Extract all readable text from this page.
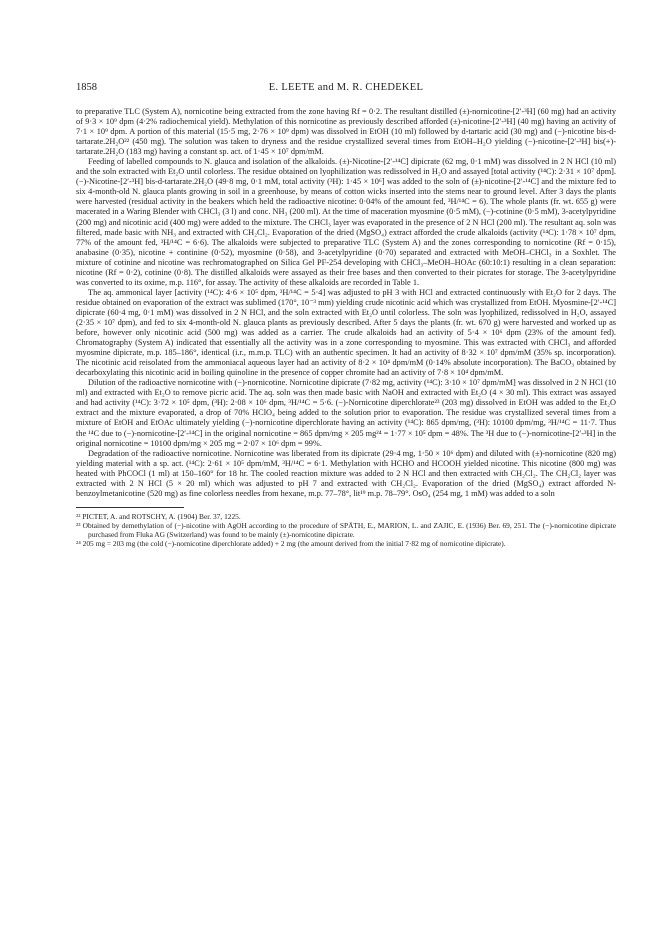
1858	E. LEETE and M. R. CHEDEKEL

to preparative TLC (System A), nornicotine being extracted from the zone having Rf = 0·2. The resultant distilled (±)-nornicotine-[2′-³H] (60 mg) had an activity of 9·3 × 10⁹ dpm (4·2% radiochemical yield). Methylation of this nornicotine as previously described afforded (±)-nicotine-[2′-³H] (40 mg) having an activity of 7·1 × 10⁹ dpm. A portion of this material (15·5 mg, 2·76 × 10⁹ dpm) was dissolved in EtOH (10 ml) followed by d-tartaric acid (30 mg) and (−)-nicotine bis-d-tartarate.2H₂O²² (450 mg). The solution was taken to dryness and the residue crystallized several times from EtOH–H₂O yielding (−)-nicotine-[2′-³H] bis(+)-tartarate.2H₂O (183 mg) having a constant sp. act. of 1·45 × 10⁷ dpm/mM.

Feeding of labelled compounds to N. glauca and isolation of the alkaloids. (±)-Nicotine-[2′-¹⁴C] dipicrate (62 mg, 0·1 mM) was dissolved in 2 N HCl (10 ml) and the soln extracted with Et₂O until colorless. The residue obtained on lyophilization was redissolved in H₂O and assayed [total activity (¹⁴C): 2·31 × 10⁷ dpm]. (−)-Nicotine-[2′-³H] bis-d-tartarate.2H₂O (49·8 mg, 0·1 mM, total activity (³H): 1·45 × 10⁶] was added to the soln of (±)-nicotine-[2′-¹⁴C] and the mixture fed to six 4-month-old N. glauca plants growing in soil in a greenhouse, by means of cotton wicks inserted into the stems near to ground level. After 3 days the plants were harvested (residual activity in the beakers which held the radioactive nicotine: 0·04% of the amount fed, ³H/¹⁴C = 6). The whole plants (fr. wt. 655 g) were macerated in a Waring Blender with CHCl₃ (3 l) and conc. NH₃ (200 ml). At the time of maceration myosmine (0·5 mM), (−)-cotinine (0·5 mM), 3-acetylpyridine (200 mg) and nicotinic acid (400 mg) were added to the mixture. The CHCl₃ layer was evaporated in the presence of 2 N HCl (200 ml). The resultant aq. soln was filtered, made basic with NH₃ and extracted with CH₂Cl₂. Evaporation of the dried (MgSO₄) extract afforded the crude alkaloids (activity (¹⁴C): 1·78 × 10⁷ dpm, 77% of the amount fed, ³H/¹⁴C = 6·6). The alkaloids were subjected to preparative TLC (System A) and the zones corresponding to nornicotine (Rf = 0·15), anabasine (0·35), nicotine + continine (0·52), myosmine (0·58), and 3-acetylpyridine (0·70) separated and extracted with MeOH–CHCl₃ in a Soxhlet. The mixture of cotinine and nicotine was rechromatographed on Silica Gel PF-254 developing with CHCl₃–MeOH–HOAc (60:10:1) resulting in a clean separation: nicotine (Rf = 0·2), cotinine (0·8). The distilled alkaloids were assayed as their free bases and then converted to their picrates for storage. The 3-acetylpyridine was converted to its oxime, m.p. 116°, for assay. The activity of these alkaloids are recorded in Table 1.

The aq. ammonical layer [activity (¹⁴C): 4·6 × 10⁵ dpm, ³H/¹⁴C = 5·4] was adjusted to pH 3 with HCl and extracted continuously with Et₂O for 2 days. The residue obtained on evaporation of the extract was sublimed (170°, 10⁻³ mm) yielding crude nicotinic acid which was crystallized from EtOH. Myosmine-[2′-¹⁴C] dipicrate (60·4 mg, 0·1 mM) was dissolved in 2 N HCl, and the soln extracted with Et₂O until colorless. The soln was lyophilized, redissolved in H₂O, assayed (2·35 × 10⁷ dpm), and fed to six 4-month-old N. glauca plants as previously described. After 5 days the plants (fr. wt. 670 g) were harvested and worked up as before, however only nicotinic acid (500 mg) was added as a carrier. The crude alkaloids had an activity of 5·4 × 10⁶ dpm (23% of the amount fed). Chromatography (System A) indicated that essentially all the activity was in a zone corresponding to myosmine. This was extracted with CHCl₃ and afforded myosmine dipicrate, m.p. 185–186°, identical (i.r., m.m.p. TLC) with an authentic specimen. It had an activity of 8·32 × 10⁷ dpm/mM (35% sp. incorporation). The nicotinic acid reisolated from the ammoniacal aqueous layer had an activity of 8·2 × 10⁴ dpm/mM (0·14% absolute incorporation). The BaCO₃ obtained by decarboxylating this nicotinic acid in boiling quinoline in the presence of copper chromite had an activity of 7·8 × 10⁴ dpm/mM.

Dilution of the radioactive nornicotine with (−)-nornicotine. Nornicotine dipicrate (7·82 mg, activity (¹⁴C): 3·10 × 10⁷ dpm/mM] was dissolved in 2 N HCl (10 ml) and extracted with Et₂O to remove picric acid. The aq. soln was then made basic with NaOH and extracted with Et₂O (4 × 30 ml). This extract was assayed and had activity (¹⁴C): 3·72 × 10⁵ dpm, (³H): 2·08 × 10⁶ dpm, ³H/¹⁴C = 5·6. (−)-Nornicotine diperchlorate²³ (203 mg) dissolved in EtOH was added to the Et₂O extract and the mixture evaporated, a drop of 70% HClO₄ being added to the solution prior to evaporation. The residue was crystallized several times from a mixture of EtOH and EtOAc ultimately yielding (−)-nornicotine diperchlorate having an activity (¹⁴C): 865 dpm/mg, (³H): 10100 dpm/mg, ³H/¹⁴C = 11·7. Thus the ¹⁴C due to (−)-nornicotine-[2′-¹⁴C] in the original nornicotine = 865 dpm/mg × 205 mg²⁴ = 1·77 × 10⁵ dpm = 48%. The ³H due to (−)-nornicotine-[2′-³H] in the original nornicotine = 10100 dpm/mg × 205 mg = 2·07 × 10⁶ dpm = 99%.

Degradation of the radioactive nornicotine. Nornicotine was liberated from its dipicrate (29·4 mg, 1·50 × 10⁶ dpm) and diluted with (±)-nornicotine (820 mg) yielding material with a sp. act. (¹⁴C): 2·61 × 10⁵ dpm/mM, ³H/¹⁴C = 6·1. Methylation with HCHO and HCOOH yielded nicotine. This nicotine (800 mg) was heated with PhCOCl (1 ml) at 150–160° for 18 hr. The cooled reaction mixture was added to 2 N HCl and then extracted with CH₂Cl₂. The CH₂Cl₂ layer was extracted with 2 N HCl (5 × 20 ml) which was adjusted to pH 7 and extracted with CH₂Cl₂. Evaporation of the dried (MgSO₄) extract afforded N-benzoylmetanicotine (520 mg) as fine colorless needles from hexane, m.p. 77–78°, lit¹⁹ m.p. 78–79°. OsO₄ (254 mg, 1 mM) was added to a soln

²² PICTET, A. and ROTSCHY, A. (1904) Ber. 37, 1225.

²³ Obtained by demethylation of (−)-nicotine with AgOH according to the procedure of SPÄTH, E., MARION, L. and ZAJIC, E. (1936) Ber. 69, 251. The (−)-nornicotine dipicrate purchased from Fluka AG (Switzerland) was found to be mainly (±)-nornicotine dipicrate.

²⁴ 205 mg = 203 mg (the cold (−)-nornicotine diperchlorate added) + 2 mg (the amount derived from the initial 7·82 mg of nornicotine dipicrate).
